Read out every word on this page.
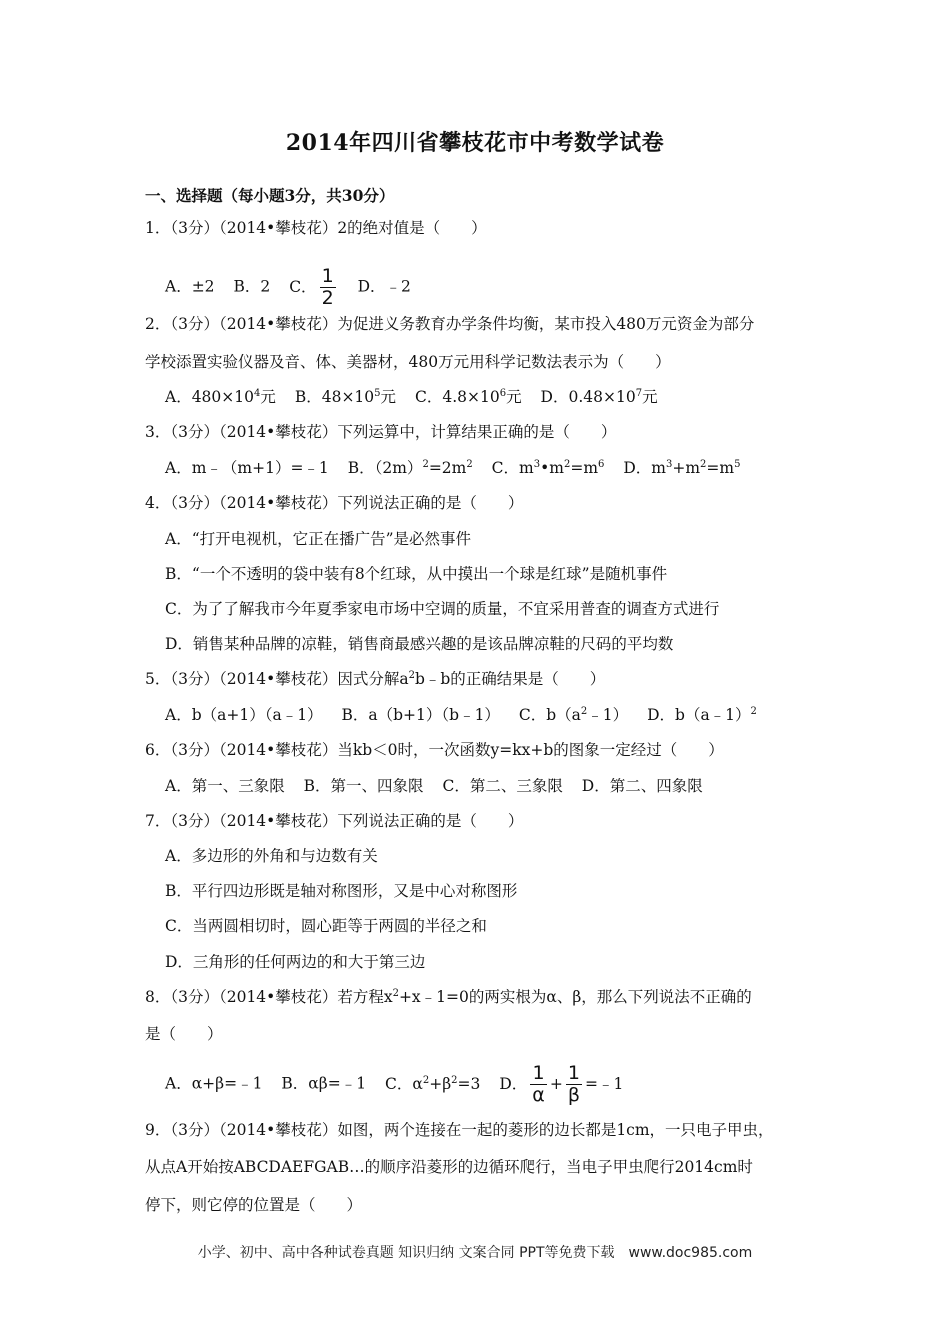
2014年四川省攀枝花市中考数学试卷
一、选择题（每小题3分，共30分）
1．（3分）（2014•攀枝花）2的绝对值是（　　）
A．±2 B．2 C． $\frac{1}{2}$ D．﹣2
2．（3分）（2014•攀枝花）为促进义务教育办学条件均衡，某市投入480万元资金为部分
学校添置实验仪器及音、体、美器材，480万元用科学记数法表示为（　　）
A．$480\times 10^4$元 B．$48\times 10^5$元 C．$4.8\times 10^6$元 D．$0.48\times 10^7$元
3．（3分）（2014•攀枝花）下列运算中，计算结果正确的是（　　）
A．m﹣（m+1）=﹣1 B．$(2m)^2=2m^2$ C．$m^3•m^2=m^6$ D．$m^3+m^2=m^5$
4．（3分）（2014•攀枝花）下列说法正确的是（　　）
A．“打开电视机，它正在播广告”是必然事件
B．“一个不透明的袋中装有8个红球，从中摸出一个球是红球”是随机事件
C．为了了解我市今年夏季家电市场中空调的质量，不宜采用普查的调查方式进行
D．销售某种品牌的凉鞋，销售商最感兴趣的是该品牌凉鞋的尺码的平均数
5．（3分）（2014•攀枝花）因式分解$a^2b﹣b$的正确结果是（　　）
A．b（a+1）（a﹣1） B．a（b+1）（b﹣1） C．$b(a^2﹣1)$ D．b（a﹣1）$^2$
6．（3分）（2014•攀枝花）当kb＜0时，一次函数y=kx+b的图象一定经过（　　）
A．第一、三象限 B．第一、四象限 C．第二、三象限 D．第二、四象限
7．（3分）（2014•攀枝花）下列说法正确的是（　　）
A．多边形的外角和与边数有关
B．平行四边形既是轴对称图形，又是中心对称图形
C．当两圆相切时，圆心距等于两圆的半径之和
D．三角形的任何两边的和大于第三边
8．（3分）（2014•攀枝花）若方程$x^2+x﹣1=0$的两实根为α、β，那么下列说法不正确的
是（　　）
A．α+β=﹣1 B．αβ=﹣1 C．$\alpha^2+\beta^2=3$ D． $\frac{1}{\alpha} + \frac{1}{\beta}$ =﹣1
9．（3分）（2014•攀枝花）如图，两个连接在一起的菱形的边长都是1cm，一只电子甲虫，
从点A开始按ABCDAEFGAB…的顺序沿菱形的边循环爬行，当电子甲虫爬行2014cm时
停下，则它停的位置是（　　）
小学、初中、高中各种试卷真题 知识归纳 文案合同 PPT等免费下载　www.doc985.com
